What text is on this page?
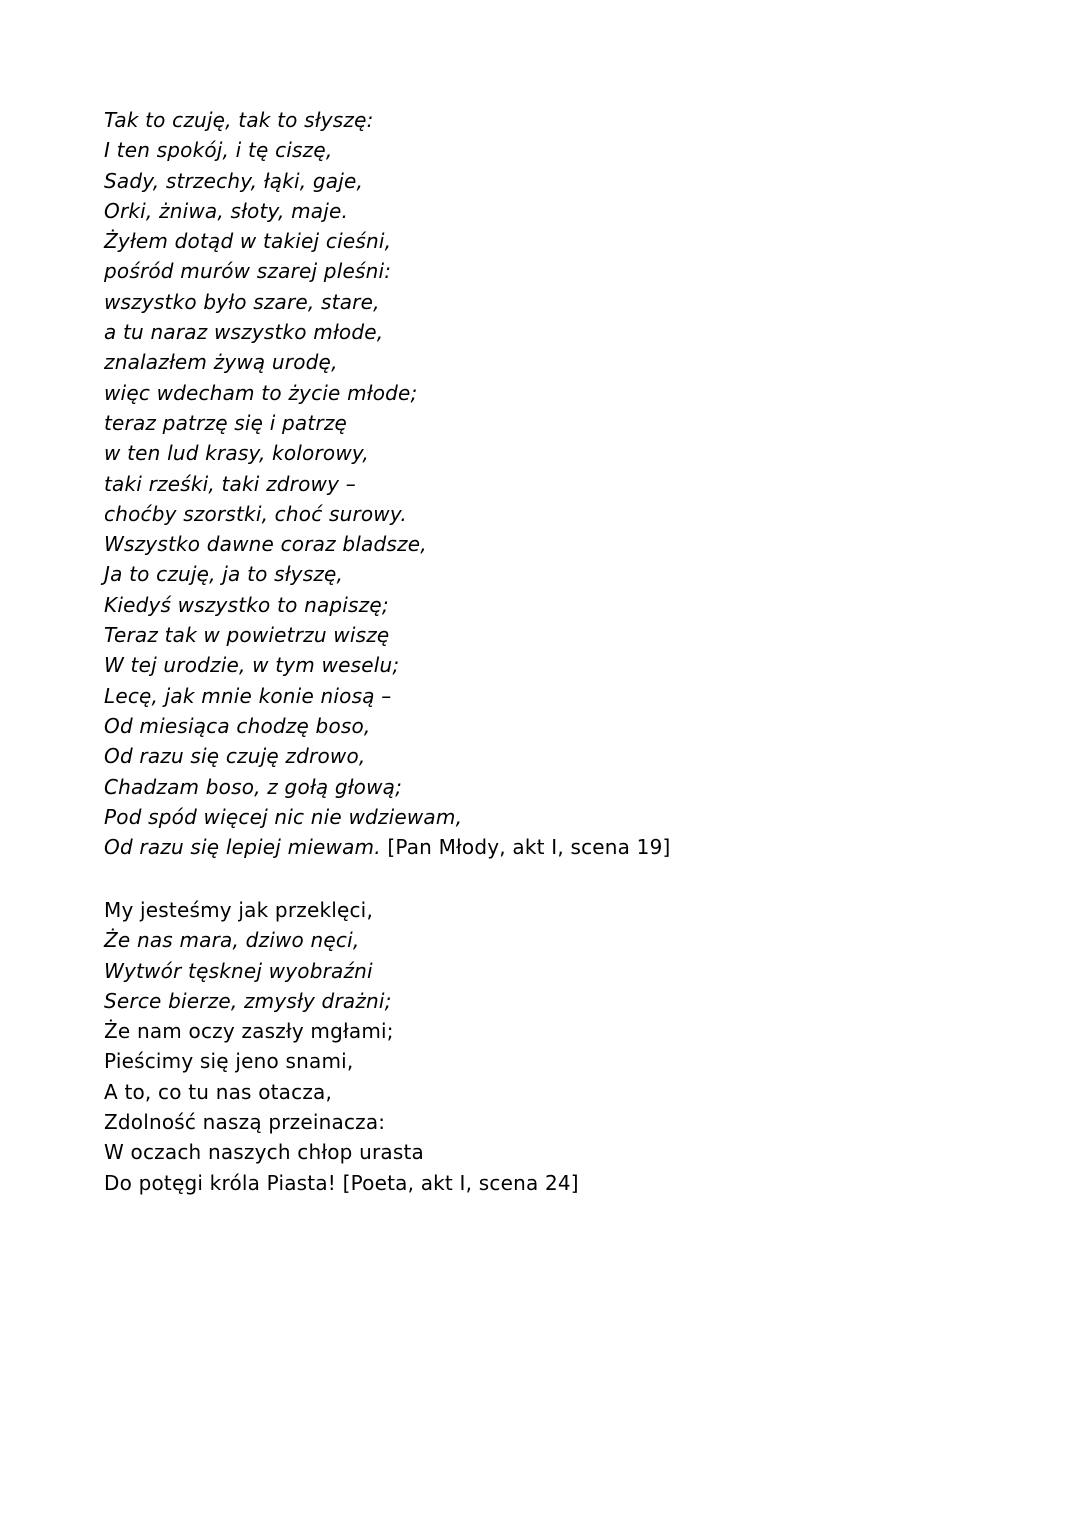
Tak to czuję, tak to słyszę:
I ten spokój, i tę ciszę,
Sady, strzechy, łąki, gaje,
Orki, żniwa, słoty, maje.
Żyłem dotąd w takiej cieśni,
pośród murów szarej pleśni:
wszystko było szare, stare,
a tu naraz wszystko młode,
znalazłem żywą urodę,
więc wdecham to życie młode;
teraz patrzę się i patrzę
w ten lud krasy, kolorowy,
taki rześki, taki zdrowy –
choćby szorstki, choć surowy.
Wszystko dawne coraz bladsze,
Ja to czuję, ja to słyszę,
Kiedyś wszystko to napiszę;
Teraz tak w powietrzu wiszę
W tej urodzie, w tym weselu;
Lecę, jak mnie konie niosą –
Od miesiąca chodzę boso,
Od razu się czuję zdrowo,
Chadzam boso, z gołą głową;
Pod spód więcej nic nie wdziewam,
Od razu się lepiej miewam. [Pan Młody, akt I, scena 19]
My jesteśmy jak przeklęci,
Że nas mara, dziwo nęci,
Wytwór tęsknej wyobraźni
Serce bierze, zmysły drażni;
Że nam oczy zaszły mgłami;
Pieścimy się jeno snami,
A to, co tu nas otacza,
Zdolność naszą przeinacza:
W oczach naszych chłop urasta
Do potęgi króla Piasta! [Poeta, akt I, scena 24]
